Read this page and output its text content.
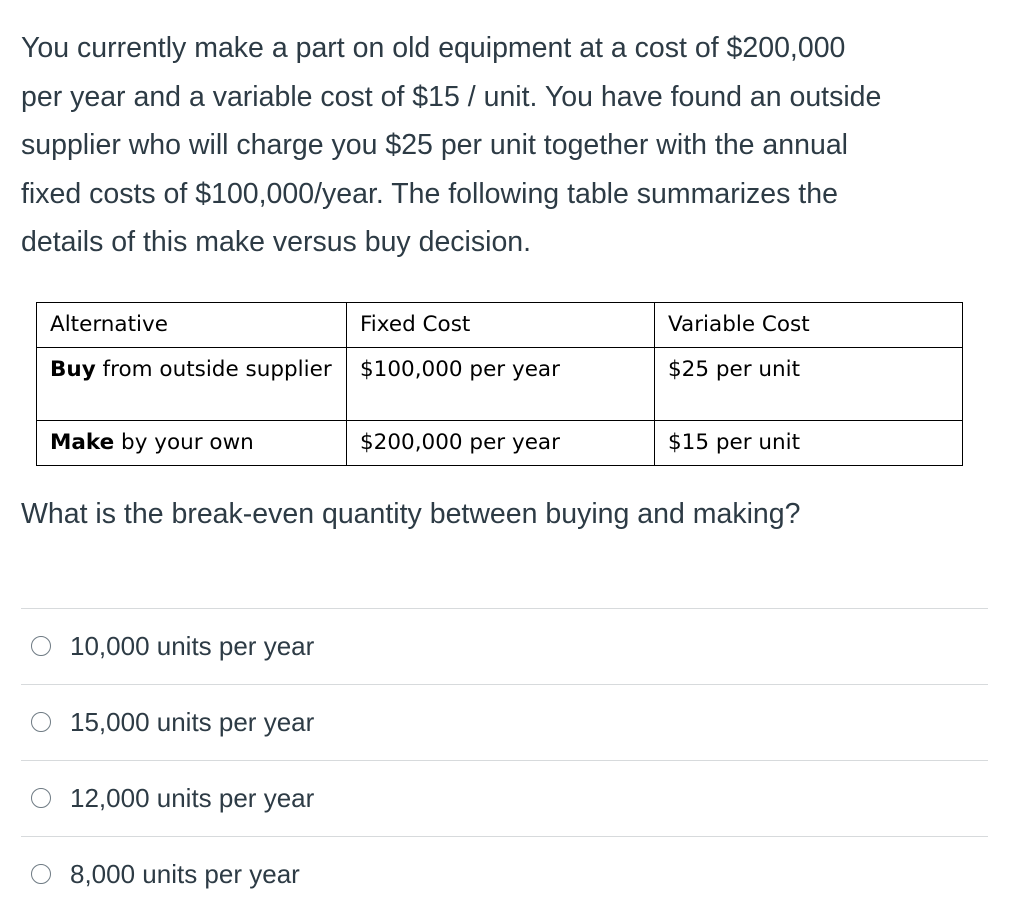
You currently make a part on old equipment at a cost of $200,000
per year and a variable cost of $15 / unit. You have found an outside
supplier who will charge you $25 per unit together with the annual
fixed costs of $100,000/year. The following table summarizes the
details of this make versus buy decision.
Alternative	Fixed Cost	Variable Cost
Buy from outside supplier	$100,000 per year	$25 per unit
Make by your own	$200,000 per year	$15 per unit

What is the break-even quantity between buying and making?

10,000 units per year
15,000 units per year
12,000 units per year
8,000 units per year
